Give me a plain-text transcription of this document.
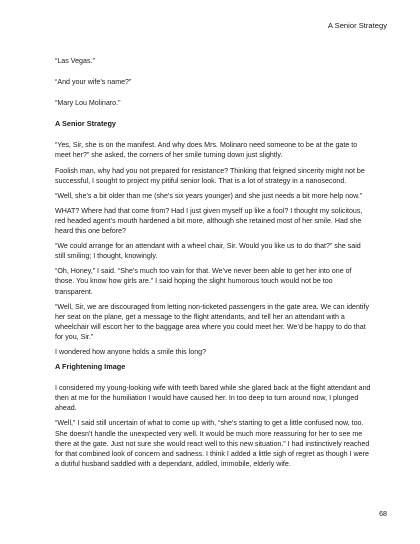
A Senior Strategy

“Las Vegas.”

“And your wife’s name?”

“Mary Lou Molinaro.”

A Senior Strategy

“Yes, Sir, she is on the manifest. And why does Mrs. Molinaro need someone to be at the gate to meet her?” she asked, the corners of her smile turning down just slightly.

Foolish man, why had you not prepared for resistance? Thinking that feigned sincerity might not be successful, I sought to project my pitiful senior look. That is a lot of strategy in a nanosecond.

“Well, she’s a bit older than me (she’s six years younger) and she just needs a bit more help now.”

WHAT? Where had that come from? Had I just given myself up like a fool? I thought my solicitous, red headed agent’s mouth hardened a bit more, although she retained most of her smile. Had she heard this one before?

“We could arrange for an attendant with a wheel chair, Sir. Would you like us to do that?” she said still smiling; I thought, knowingly.

“Oh, Honey,” I said. “She’s much too vain for that. We’ve never been able to get her into one of those. You know how girls are.” I said hoping the slight humorous touch would not be too transparent.

“Well, Sir, we are discouraged from letting non-ticketed passengers in the gate area. We can identify her seat on the plane, get a message to the flight attendants, and tell her an attendant with a wheelchair will escort her to the baggage area where you could meet her. We’d be happy to do that for you, Sir.”

I wondered how anyone holds a smile this long?

A Frightening Image

I considered my young-looking wife with teeth bared while she glared back at the flight attendant and then at me for the humiliation I would have caused her. In too deep to turn around now, I plunged ahead.

“Well,” I said still uncertain of what to come up with, “she’s starting to get a little confused now, too. She doesn’t handle the unexpected very well. It would be much more reassuring for her to see me there at the gate. Just not sure she would react well to this new situation.” I had instinctively reached for that combined look of concern and sadness. I think I added a little sigh of regret as though I were a dutiful husband saddled with a dependant, addled, immobile, elderly wife.

68
